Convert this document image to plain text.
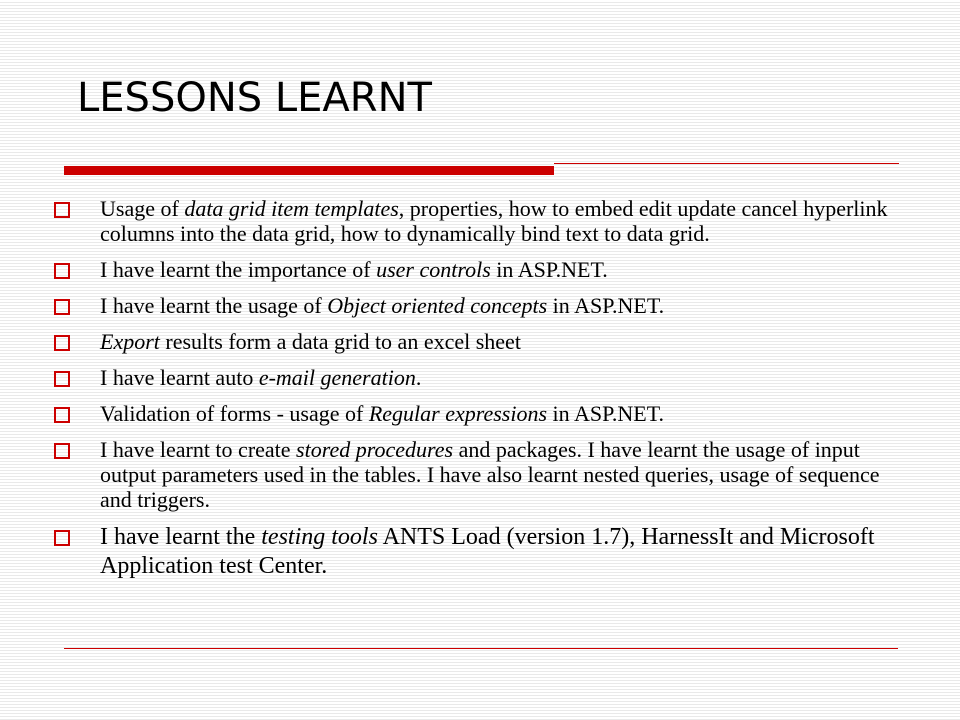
LESSONS LEARNT
Usage of data grid item templates, properties, how to embed edit update cancel hyperlink columns into the data grid, how to dynamically bind text to data grid.
I have learnt the importance of user controls in ASP.NET.
I have learnt the usage of Object oriented concepts in ASP.NET.
Export results form a data grid to an excel sheet
I have learnt auto e-mail generation.
Validation of forms - usage of Regular expressions in ASP.NET.
I have learnt to create stored procedures and packages. I have learnt the usage of input output parameters used in the tables. I have also learnt nested queries, usage of sequence and triggers.
I have learnt the testing tools ANTS Load (version 1.7), HarnessIt and Microsoft Application test Center.
